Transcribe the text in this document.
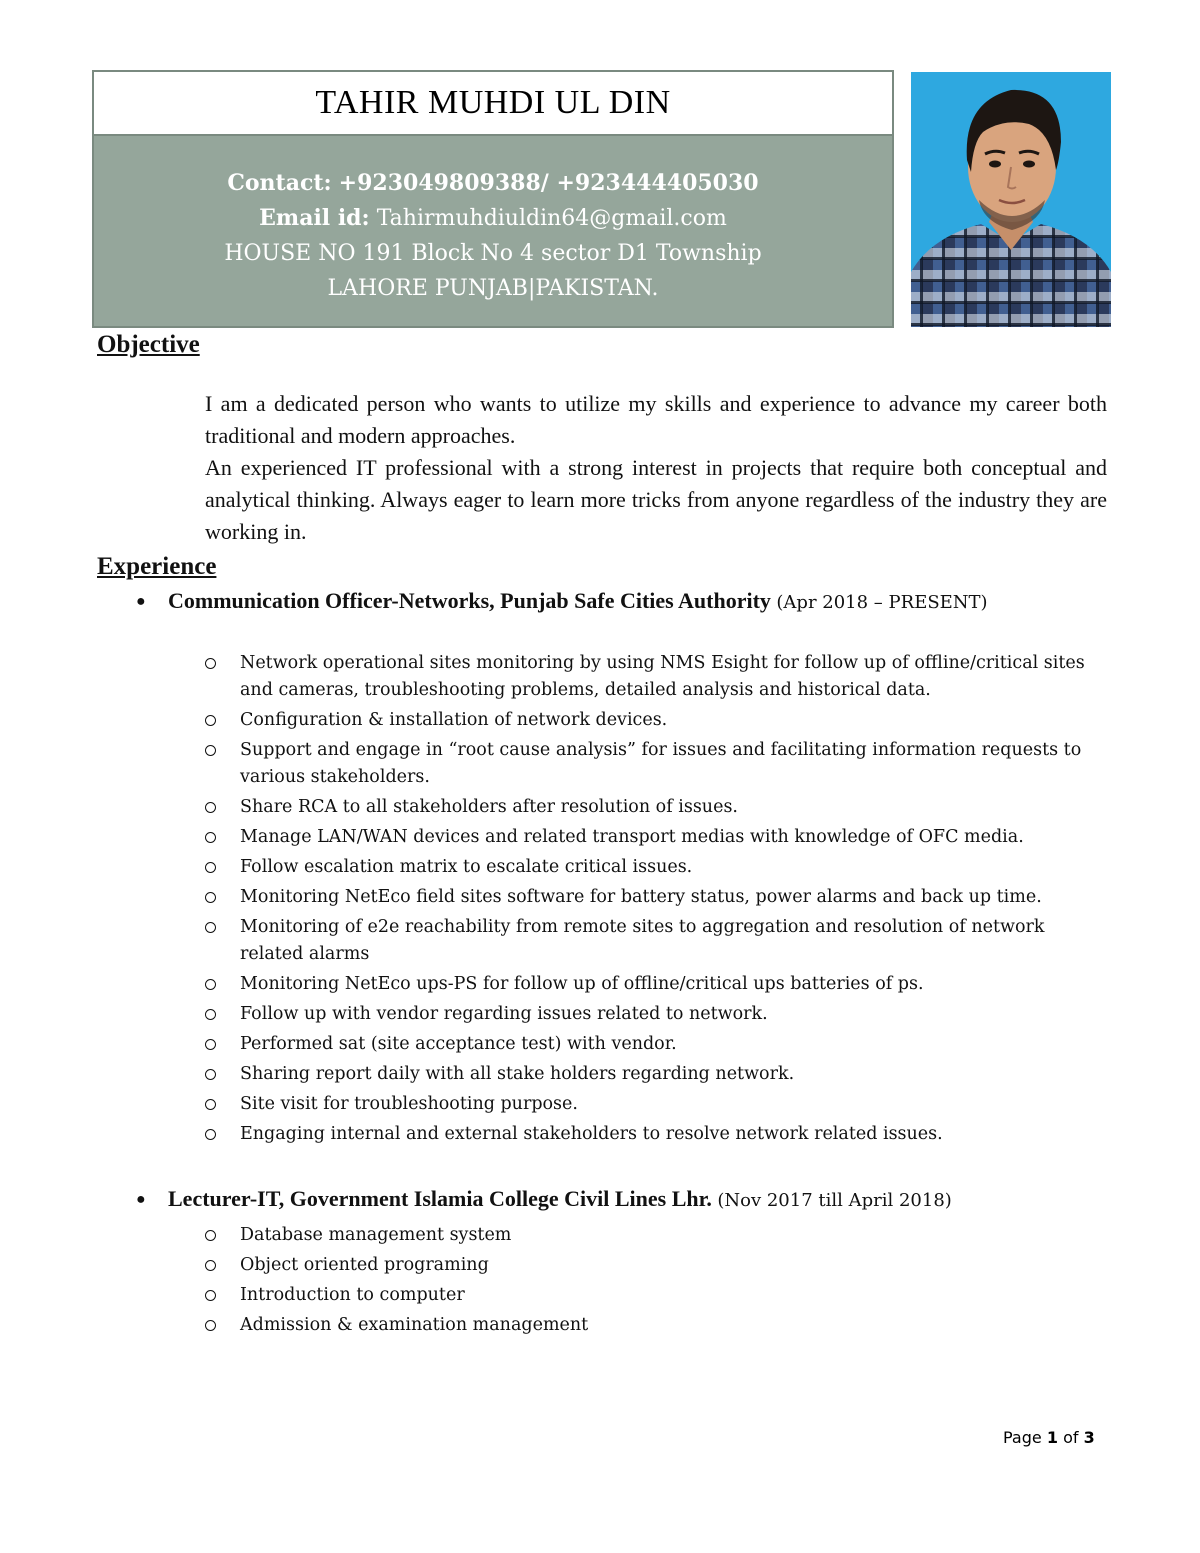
TAHIR MUHDI UL DIN
Contact: +923049809388/ +923444405030
Email id: Tahirmuhdiuldin64@gmail.com
HOUSE NO 191 Block No 4 sector D1 Township
LAHORE PUNJAB|PAKISTAN.
Objective

I am a dedicated person who wants to utilize my skills and experience to advance my career both traditional and modern approaches.

An experienced IT professional with a strong interest in projects that require both conceptual and analytical thinking. Always eager to learn more tricks from anyone regardless of the industry they are working in.

Experience
● Communication Officer-Networks, Punjab Safe Cities Authority (Apr 2018 – PRESENT)
Network operational sites monitoring by using NMS Esight for follow up of offline/critical sites and cameras, troubleshooting problems, detailed analysis and historical data.
Configuration & installation of network devices.
Support and engage in “root cause analysis” for issues and facilitating information requests to various stakeholders.
Share RCA to all stakeholders after resolution of issues.
Manage LAN/WAN devices and related transport medias with knowledge of OFC media.
Follow escalation matrix to escalate critical issues.
Monitoring NetEco field sites software for battery status, power alarms and back up time.
Monitoring of e2e reachability from remote sites to aggregation and resolution of network related alarms
Monitoring NetEco ups-PS for follow up of offline/critical ups batteries of ps.
Follow up with vendor regarding issues related to network.
Performed sat (site acceptance test) with vendor.
Sharing report daily with all stake holders regarding network.
Site visit for troubleshooting purpose.
Engaging internal and external stakeholders to resolve network related issues.
● Lecturer-IT, Government Islamia College Civil Lines Lhr. (Nov 2017 till April 2018)
Database management system
Object oriented programing
Introduction to computer
Admission & examination management
Page 1 of 3
